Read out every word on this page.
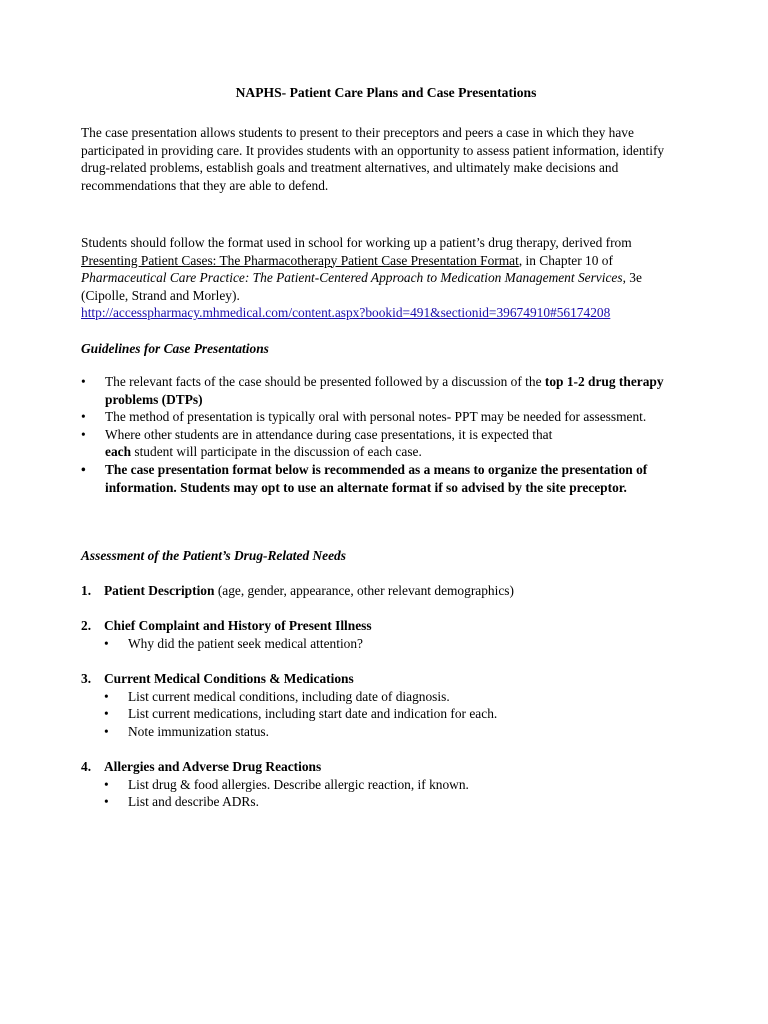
NAPHS- Patient Care Plans and Case Presentations

The case presentation allows students to present to their preceptors and peers a case in which they have participated in providing care. It provides students with an opportunity to assess patient information, identify drug-related problems, establish goals and treatment alternatives, and ultimately make decisions and recommendations that they are able to defend.

Students should follow the format used in school for working up a patient’s drug therapy, derived from Presenting Patient Cases: The Pharmacotherapy Patient Case Presentation Format, in Chapter 10 of Pharmaceutical Care Practice: The Patient-Centered Approach to Medication Management Services, 3e (Cipolle, Strand and Morley).
http://accesspharmacy.mhmedical.com/content.aspx?bookid=491&sectionid=39674910#56174208

Guidelines for Case Presentations

• The relevant facts of the case should be presented followed by a discussion of the top 1-2 drug therapy problems (DTPs)
• The method of presentation is typically oral with personal notes- PPT may be needed for assessment.
• Where other students are in attendance during case presentations, it is expected that
each student will participate in the discussion of each case.
• The case presentation format below is recommended as a means to organize the presentation of information. Students may opt to use an alternate format if so advised by the site preceptor.

Assessment of the Patient’s Drug-Related Needs

1. Patient Description (age, gender, appearance, other relevant demographics)
2. Chief Complaint and History of Present Illness
• Why did the patient seek medical attention?
3. Current Medical Conditions & Medications
• List current medical conditions, including date of diagnosis.
• List current medications, including start date and indication for each.
• Note immunization status.
4. Allergies and Adverse Drug Reactions
• List drug & food allergies. Describe allergic reaction, if known.
• List and describe ADRs.
